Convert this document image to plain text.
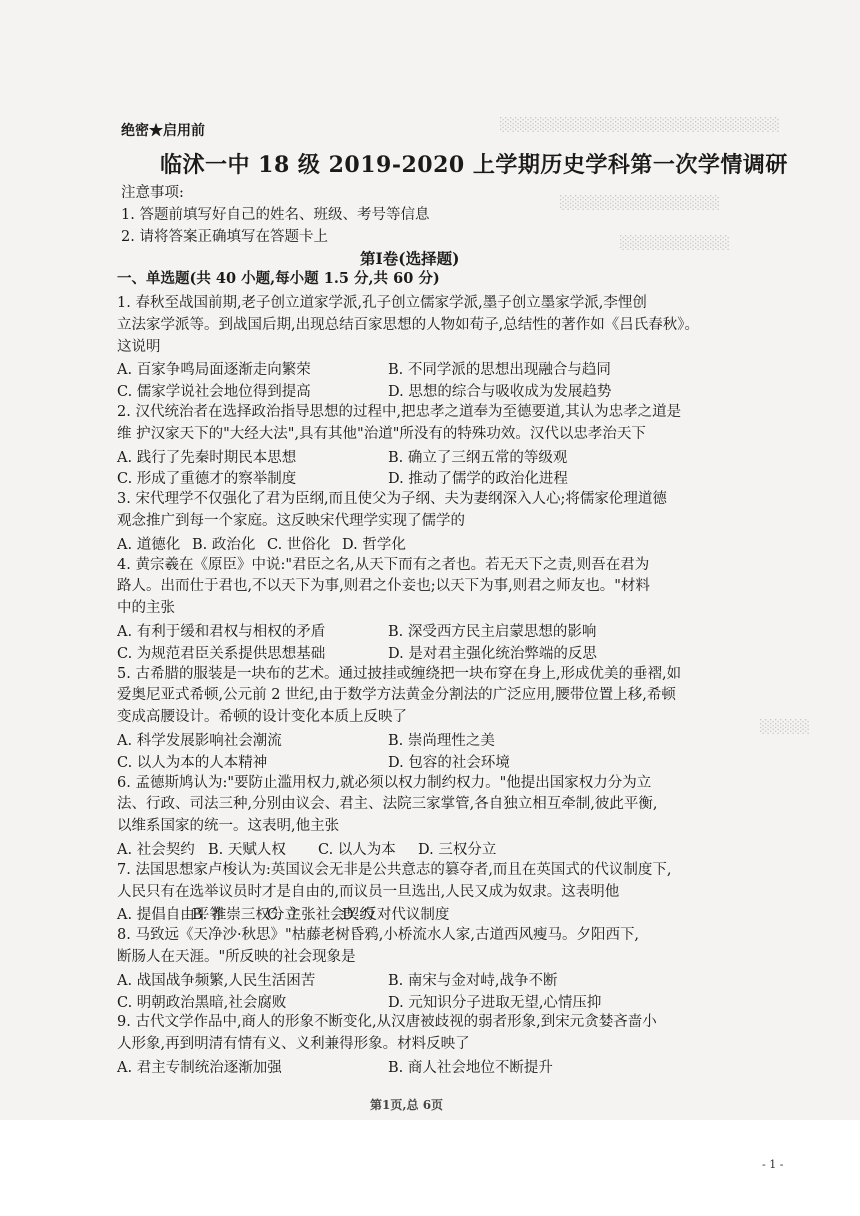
░░░░░░░░░░░░░░░░░░░░░░░░░░░░
░░░░░░░░░░░░░░░░
░░░░░░░░░░░
░░░░░
绝密★启用前
临沭一中 18 级 2019-2020 上学期历史学科第一次学情调研
注意事项:
1. 答题前填写好自己的姓名、班级、考号等信息
2. 请将答案正确填写在答题卡上
第Ⅰ卷(选择题)
一、单选题(共 40 小题,每小题 1.5 分,共 60 分)
1. 春秋至战国前期,老子创立道家学派,孔子创立儒家学派,墨子创立墨家学派,李悝创
立法家学派等。到战国后期,出现总结百家思想的人物如荀子,总结性的著作如《吕氏春秋》。
这说明
A. 百家争鸣局面逐渐走向繁荣	B. 不同学派的思想出现融合与趋同
C. 儒家学说社会地位得到提高	D. 思想的综合与吸收成为发展趋势
2. 汉代统治者在选择政治指导思想的过程中,把忠孝之道奉为至德要道,其认为忠孝之道是
维 护汉家天下的"大经大法",具有其他"治道"所没有的特殊功效。汉代以忠孝治天下
A. 践行了先秦时期民本思想	B. 确立了三纲五常的等级观
C. 形成了重德才的察举制度	D. 推动了儒学的政治化进程
3. 宋代理学不仅强化了君为臣纲,而且使父为子纲、夫为妻纲深入人心;将儒家伦理道德
观念推广到每一个家庭。这反映宋代理学实现了儒学的
A. 道德化 B. 政治化 C. 世俗化 D. 哲学化
4. 黄宗羲在《原臣》中说:"君臣之名,从天下而有之者也。若无天下之责,则吾在君为
路人。出而仕于君也,不以天下为事,则君之仆妾也;以天下为事,则君之师友也。"材料
中的主张
A. 有利于缓和君权与相权的矛盾	B. 深受西方民主启蒙思想的影响
C. 为规范君臣关系提供思想基础	D. 是对君主强化统治弊端的反思
5. 古希腊的服装是一块布的艺术。通过披挂或缠绕把一块布穿在身上,形成优美的垂褶,如
爱奥尼亚式希顿,公元前 2 世纪,由于数学方法黄金分割法的广泛应用,腰带位置上移,希顿
变成高腰设计。希顿的设计变化本质上反映了
A. 科学发展影响社会潮流	B. 崇尚理性之美
C. 以人为本的人本精神	D. 包容的社会环境
6. 孟德斯鸠认为:"要防止滥用权力,就必须以权力制约权力。"他提出国家权力分为立
法、行政、司法三种,分别由议会、君主、法院三家掌管,各自独立相互牵制,彼此平衡,
以维系国家的统一。这表明,他主张
A. 社会契约 B. 天赋人权 C. 以人为本 D. 三权分立
7. 法国思想家卢梭认为:英国议会无非是公共意志的篡夺者,而且在英国式的代议制度下,
人民只有在选举议员时才是自由的,而议员一旦选出,人民又成为奴隶。这表明他
A. 提倡自由平等
B. 推崇三权分立
C. 主张社会契约
D. 反对代议制度
8. 马致远《天净沙·秋思》"枯藤老树昏鸦,小桥流水人家,古道西风瘦马。夕阳西下,
断肠人在天涯。"所反映的社会现象是
A. 战国战争频繁,人民生活困苦	B. 南宋与金对峙,战争不断
C. 明朝政治黑暗,社会腐败	D. 元知识分子进取无望,心情压抑
9. 古代文学作品中,商人的形象不断变化,从汉唐被歧视的弱者形象,到宋元贪婪吝啬小
人形象,再到明清有情有义、义利兼得形象。材料反映了
A. 君主专制统治逐渐加强	B. 商人社会地位不断提升
第1页,总 6页
- 1 -
